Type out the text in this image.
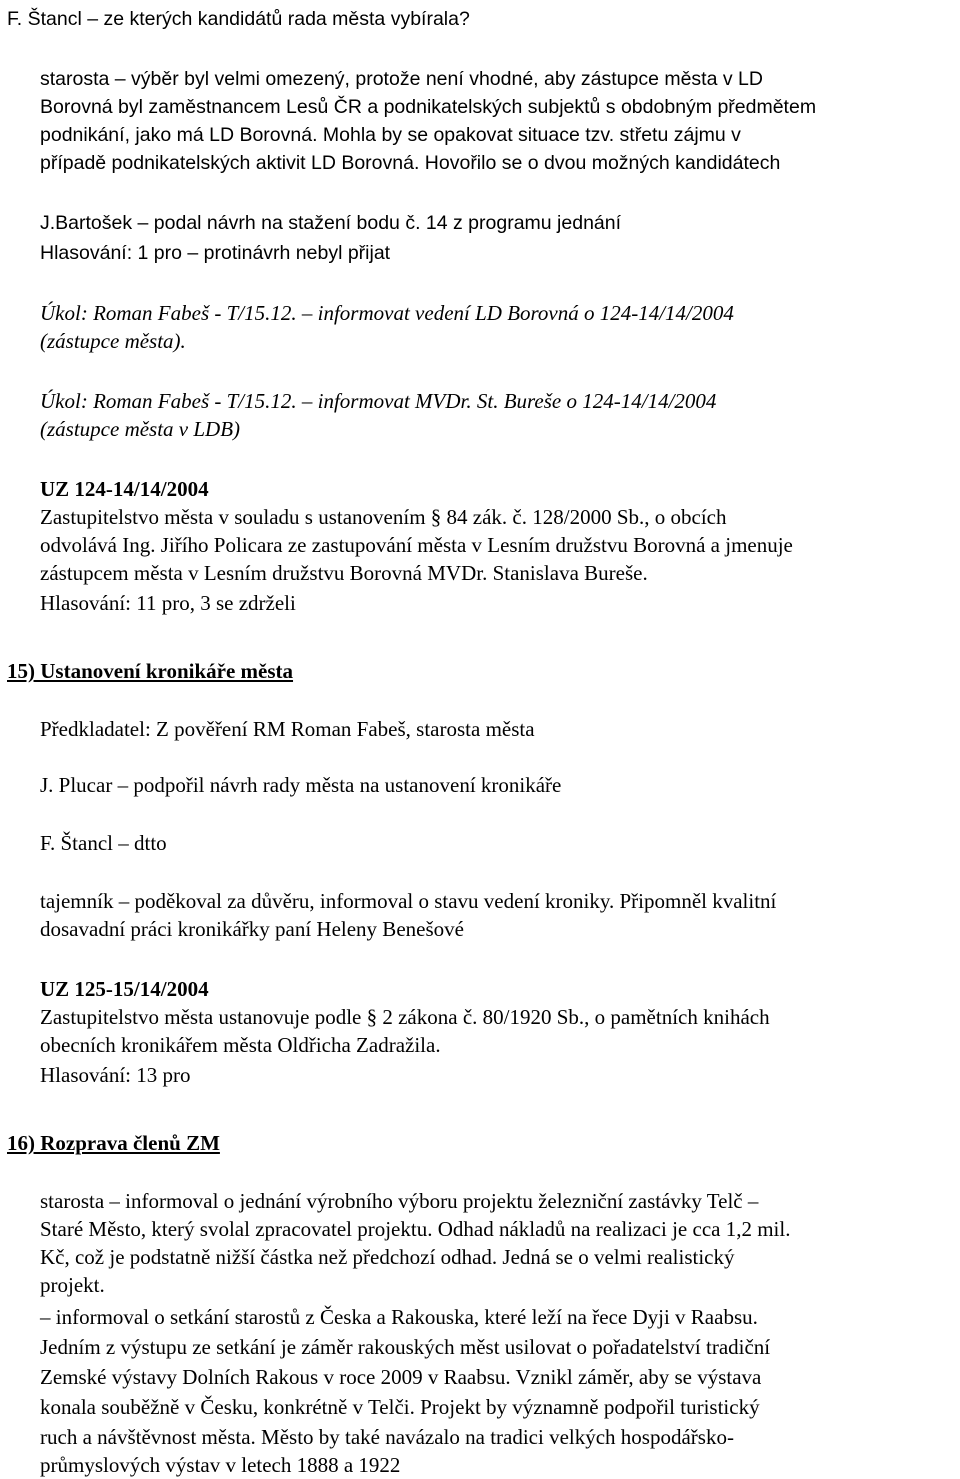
F. Štancl – ze kterých kandidátů rada města vybírala?
starosta – výběr byl velmi omezený, protože není vhodné, aby zástupce města v LD
Borovná byl zaměstnancem Lesů ČR a podnikatelských subjektů s obdobným předmětem
podnikání, jako má LD Borovná. Mohla by se opakovat situace tzv. střetu zájmu v
případě podnikatelských aktivit LD Borovná. Hovořilo se o dvou možných kandidátech
J.Bartošek – podal návrh na stažení bodu č. 14 z programu jednání
Hlasování: 1 pro – protinávrh nebyl přijat
Úkol: Roman Fabeš - T/15.12. – informovat vedení LD Borovná o 124-14/14/2004
(zástupce města).
Úkol: Roman Fabeš - T/15.12. – informovat MVDr. St. Bureše o 124-14/14/2004
(zástupce města v LDB)
UZ 124-14/14/2004
Zastupitelstvo města v souladu s ustanovením § 84 zák. č. 128/2000 Sb., o obcích
odvolává Ing. Jiřího Policara ze zastupování města v Lesním družstvu Borovná a jmenuje
zástupcem města v Lesním družstvu Borovná MVDr. Stanislava Bureše.
Hlasování: 11 pro, 3 se zdrželi
15) Ustanovení kronikáře města
Předkladatel: Z pověření RM Roman Fabeš, starosta města
J. Plucar – podpořil návrh rady města na ustanovení kronikáře
F. Štancl – dtto
tajemník – poděkoval za důvěru, informoval o stavu vedení kroniky. Připomněl kvalitní
dosavadní práci kronikářky paní Heleny Benešové
UZ 125-15/14/2004
Zastupitelstvo města ustanovuje podle § 2 zákona č. 80/1920 Sb., o pamětních knihách
obecních kronikářem města Oldřicha Zadražila.
Hlasování: 13 pro
16) Rozprava členů ZM
starosta – informoval o jednání výrobního výboru projektu železniční zastávky Telč –
Staré Město, který svolal zpracovatel projektu. Odhad nákladů na realizaci je cca 1,2 mil.
Kč, což je podstatně nižší částka než předchozí odhad. Jedná se o velmi realistický
projekt.
– informoval o setkání starostů z Česka a Rakouska, které leží na řece Dyji v Raabsu.
Jedním z výstupu ze setkání je záměr rakouských měst usilovat o pořadatelství tradiční
Zemské výstavy Dolních Rakous v roce 2009 v Raabsu. Vznikl záměr, aby se výstava
konala souběžně v Česku, konkrétně v Telči. Projekt by významně podpořil turistický
ruch a návštěvnost města. Město by také navázalo na tradici velkých hospodářsko-
průmyslových výstav v letech 1888 a 1922
